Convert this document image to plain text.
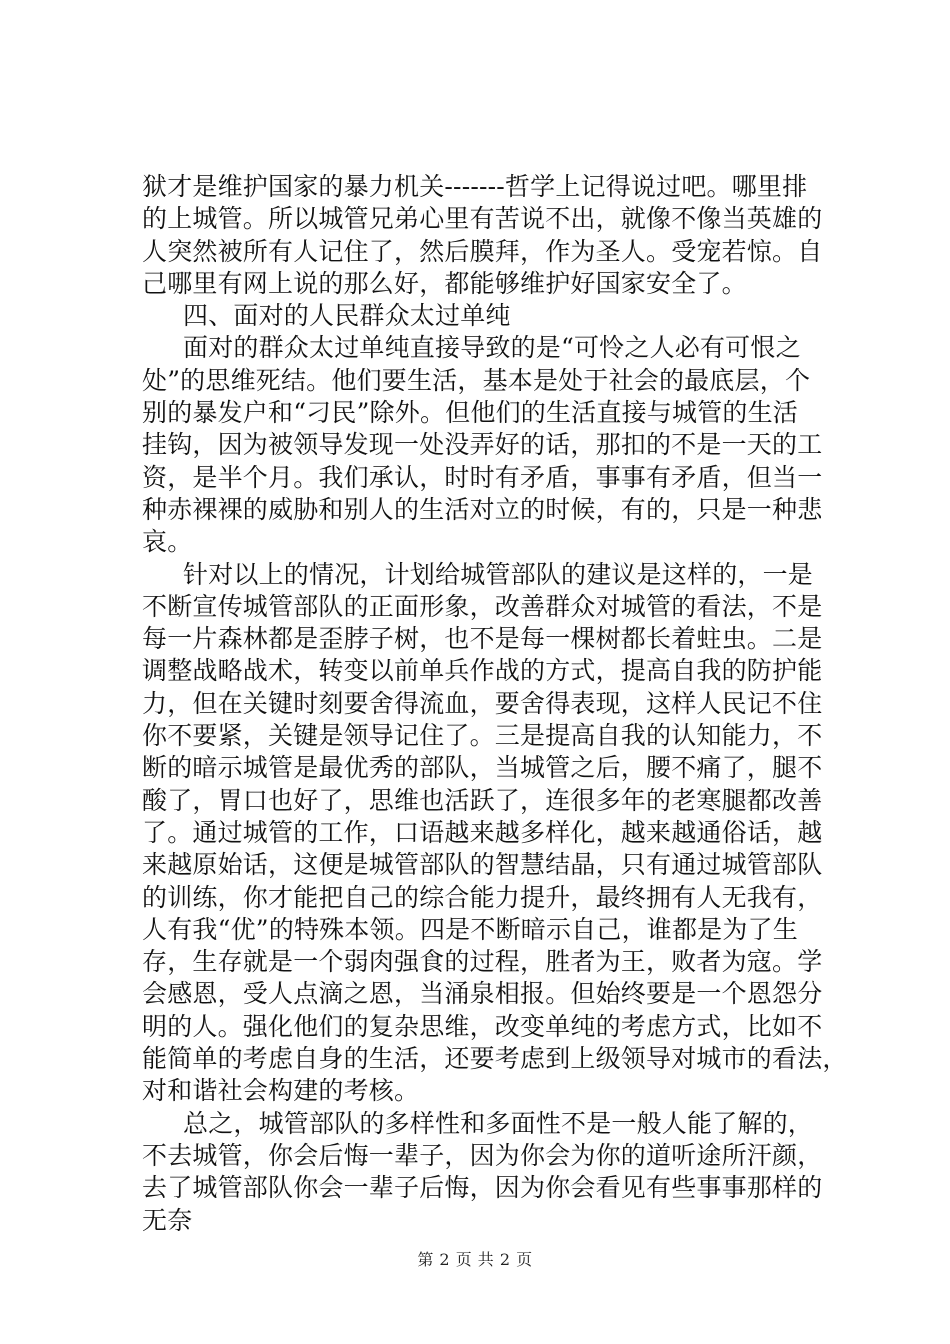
狱才是维护国家的暴力机关-------哲学上记得说过吧。哪里排
的上城管。所以城管兄弟心里有苦说不出，就像不像当英雄的
人突然被所有人记住了，然后膜拜，作为圣人。受宠若惊。自
己哪里有网上说的那么好，都能够维护好国家安全了。
四、面对的人民群众太过单纯
面对的群众太过单纯直接导致的是“可怜之人必有可恨之
处”的思维死结。他们要生活，基本是处于社会的最底层，个
别的暴发户和“刁民”除外。但他们的生活直接与城管的生活
挂钩，因为被领导发现一处没弄好的话，那扣的不是一天的工
资，是半个月。我们承认，时时有矛盾，事事有矛盾，但当一
种赤裸裸的威胁和别人的生活对立的时候，有的，只是一种悲
哀。
针对以上的情况，计划给城管部队的建议是这样的，一是
不断宣传城管部队的正面形象，改善群众对城管的看法，不是
每一片森林都是歪脖子树，也不是每一棵树都长着蛀虫。二是
调整战略战术，转变以前单兵作战的方式，提高自我的防护能
力，但在关键时刻要舍得流血，要舍得表现，这样人民记不住
你不要紧，关键是领导记住了。三是提高自我的认知能力，不
断的暗示城管是最优秀的部队，当城管之后，腰不痛了，腿不
酸了，胃口也好了，思维也活跃了，连很多年的老寒腿都改善
了。通过城管的工作，口语越来越多样化，越来越通俗话，越
来越原始话，这便是城管部队的智慧结晶，只有通过城管部队
的训练，你才能把自己的综合能力提升，最终拥有人无我有，
人有我“优”的特殊本领。四是不断暗示自己，谁都是为了生
存，生存就是一个弱肉强食的过程，胜者为王，败者为寇。学
会感恩，受人点滴之恩，当涌泉相报。但始终要是一个恩怨分
明的人。强化他们的复杂思维，改变单纯的考虑方式，比如不
能简单的考虑自身的生活，还要考虑到上级领导对城市的看法，
对和谐社会构建的考核。
总之，城管部队的多样性和多面性不是一般人能了解的，
不去城管，你会后悔一辈子，因为你会为你的道听途所汗颜，
去了城管部队你会一辈子后悔，因为你会看见有些事事那样的
无奈
第 2 页 共 2 页
